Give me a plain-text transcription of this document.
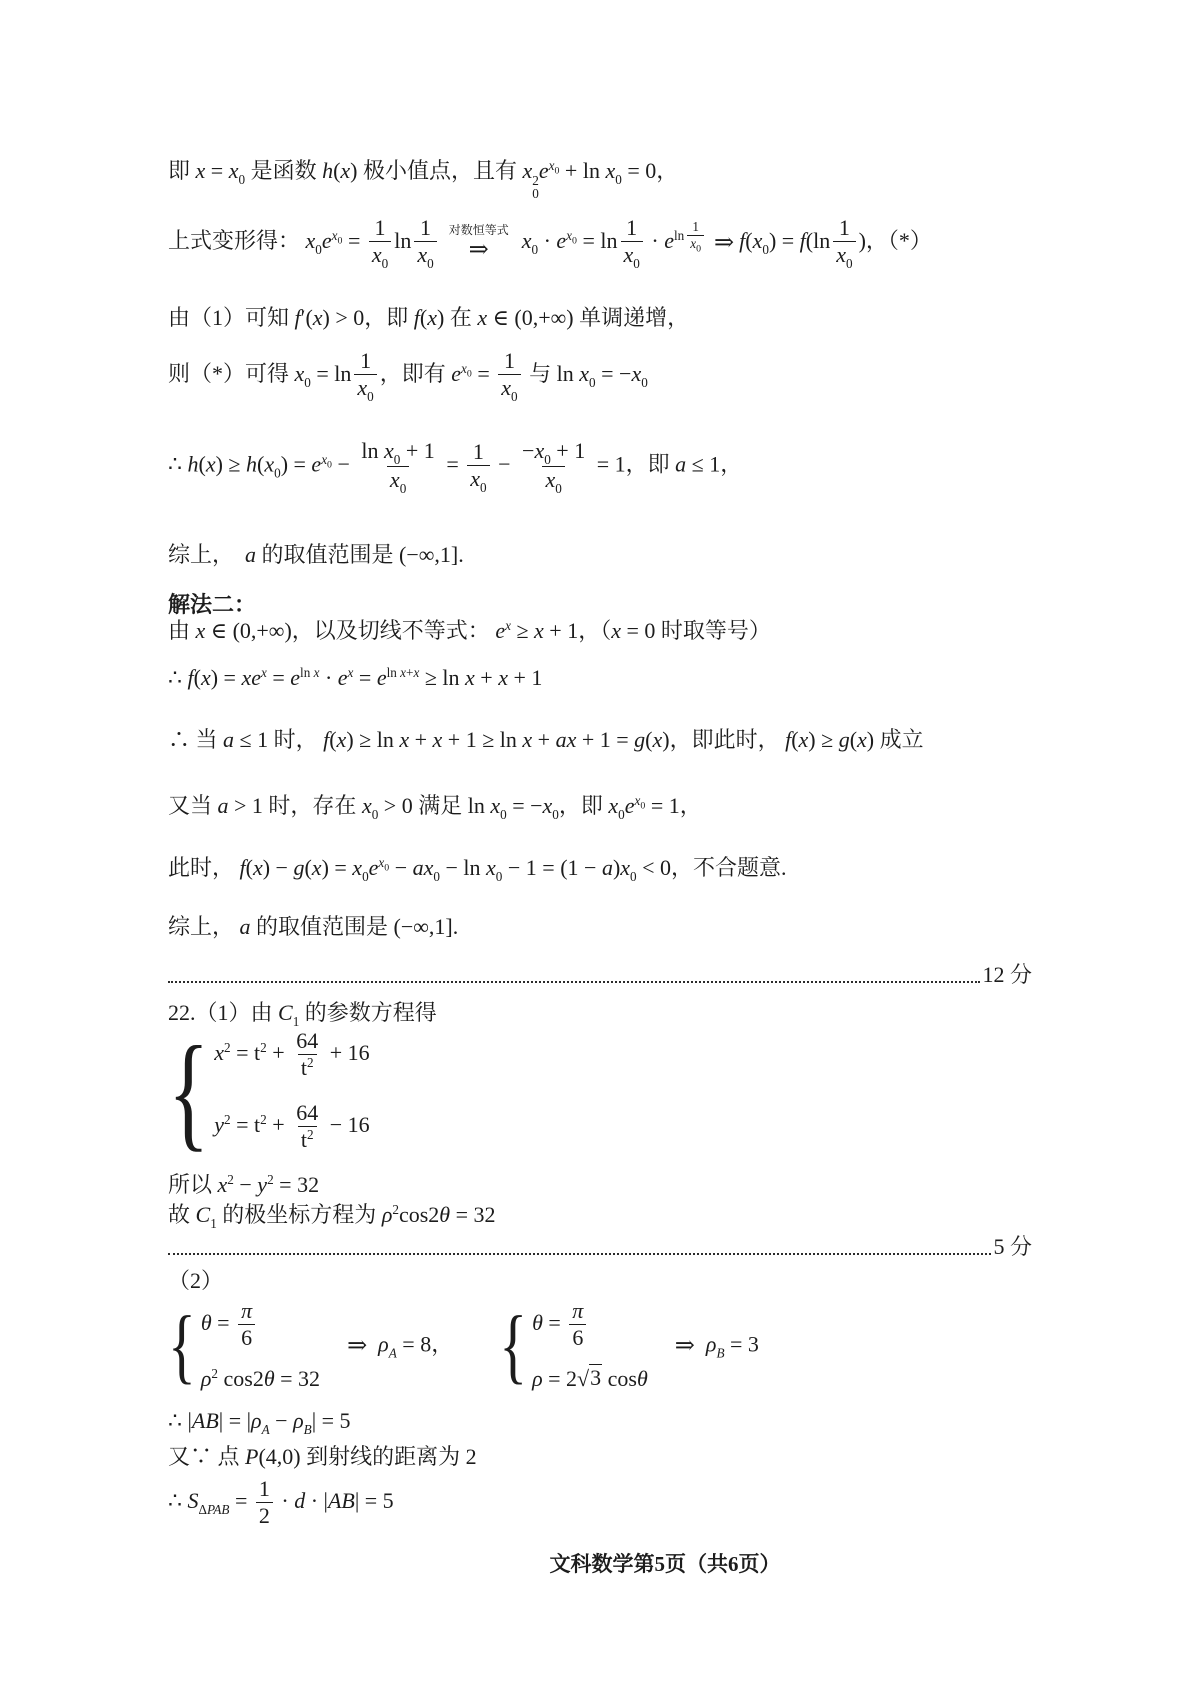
即 $x = x_0$ 是函数 h(x) 极小值点，且有 x 2
0
$e^{x_0} + \ln x_0 = 0$，
上式变形得： $x_0e^{x_0} = \frac{1}{x_0}$ $\ln \frac{1}{x_0}$ 对数恒等式
⇒ $x_0 \cdot e^{x_0} = \ln \frac{1}{x_0} \cdot e^{ln \frac{1}{x_0}}$ ⇒ $f(x_0) = f(\ln \frac{1}{x_0}$ )，（*）
由（1）可知 f′(x) > 0，即 f(x) 在 x ∈ (0,+∞) 单调递增，
则（*）可得 $x_0 = \ln \frac{1}{x_0}$ ，即有 $e^{x_0} = \frac{1}{x_0}$ 与 $\ln x_0 = -x_0$
∴ $h(x) \ge h(x_0) = e^{x_0} - \frac{\ln x_0 + 1}{x_0} = \frac{1}{x_0} - \frac{-x_0 + 1}{x_0} = 1$，即 a ≤ 1，
综上，  a 的取值范围是 (−∞,1].
解法二：
由 x ∈ (0,+∞)，以及切线不等式： $e^x \ge x + 1$，（x = 0 时取等号）
∴ $f(x) = xe^x = e^{ln x} \cdot e^x = e^{ln x+x} \ge \ln x + x + 1$
∴ 当 a ≤ 1 时， f(x) ≥ ln x + x + 1 ≥ ln x + ax + 1 = g(x)，即此时， f(x) ≥ g(x) 成立
又当 a > 1 时，存在 $x_0 > 0$ 满足 $\ln x_0 = -x_0$，即 $x_0e^{x_0} = 1$，
此时， $f(x) - g(x) = x_0e^{x_0} - ax_0 - \ln x_0 - 1 = (1 - a)x_0 < 0$，不合题意.
综上， a 的取值范围是 (−∞,1].
12 分
22.（1）由 $C_1$ 的参数方程得
{ $x^2 = t^2 + \frac{64}{t^2} + 16$
$y^2 = t^2 + \frac{64}{t^2} - 16$
所以 $x^2 - y^2 = 32$
故 $C_1$ 的极坐标方程为 $\rho^2\cos 2\theta = 32$
5 分
（2）
{ $\theta = \frac{\pi}{6}$
$\rho^2$ cos2θ = 32
⇒ $\rho_A = 8$， { $\theta = \frac{\pi}{6}$
ρ = 2 √ 3 cosθ
⇒ $\rho_B = 3$
∴ $|AB| = |\rho_A - \rho_B| = 5$
又∵ 点 P(4,0) 到射线的距离为 2
∴ $S_{\Delta PAB} = \frac{1}{2} \cdot d \cdot |AB| = 5$
文科数学第5页（共6页）
